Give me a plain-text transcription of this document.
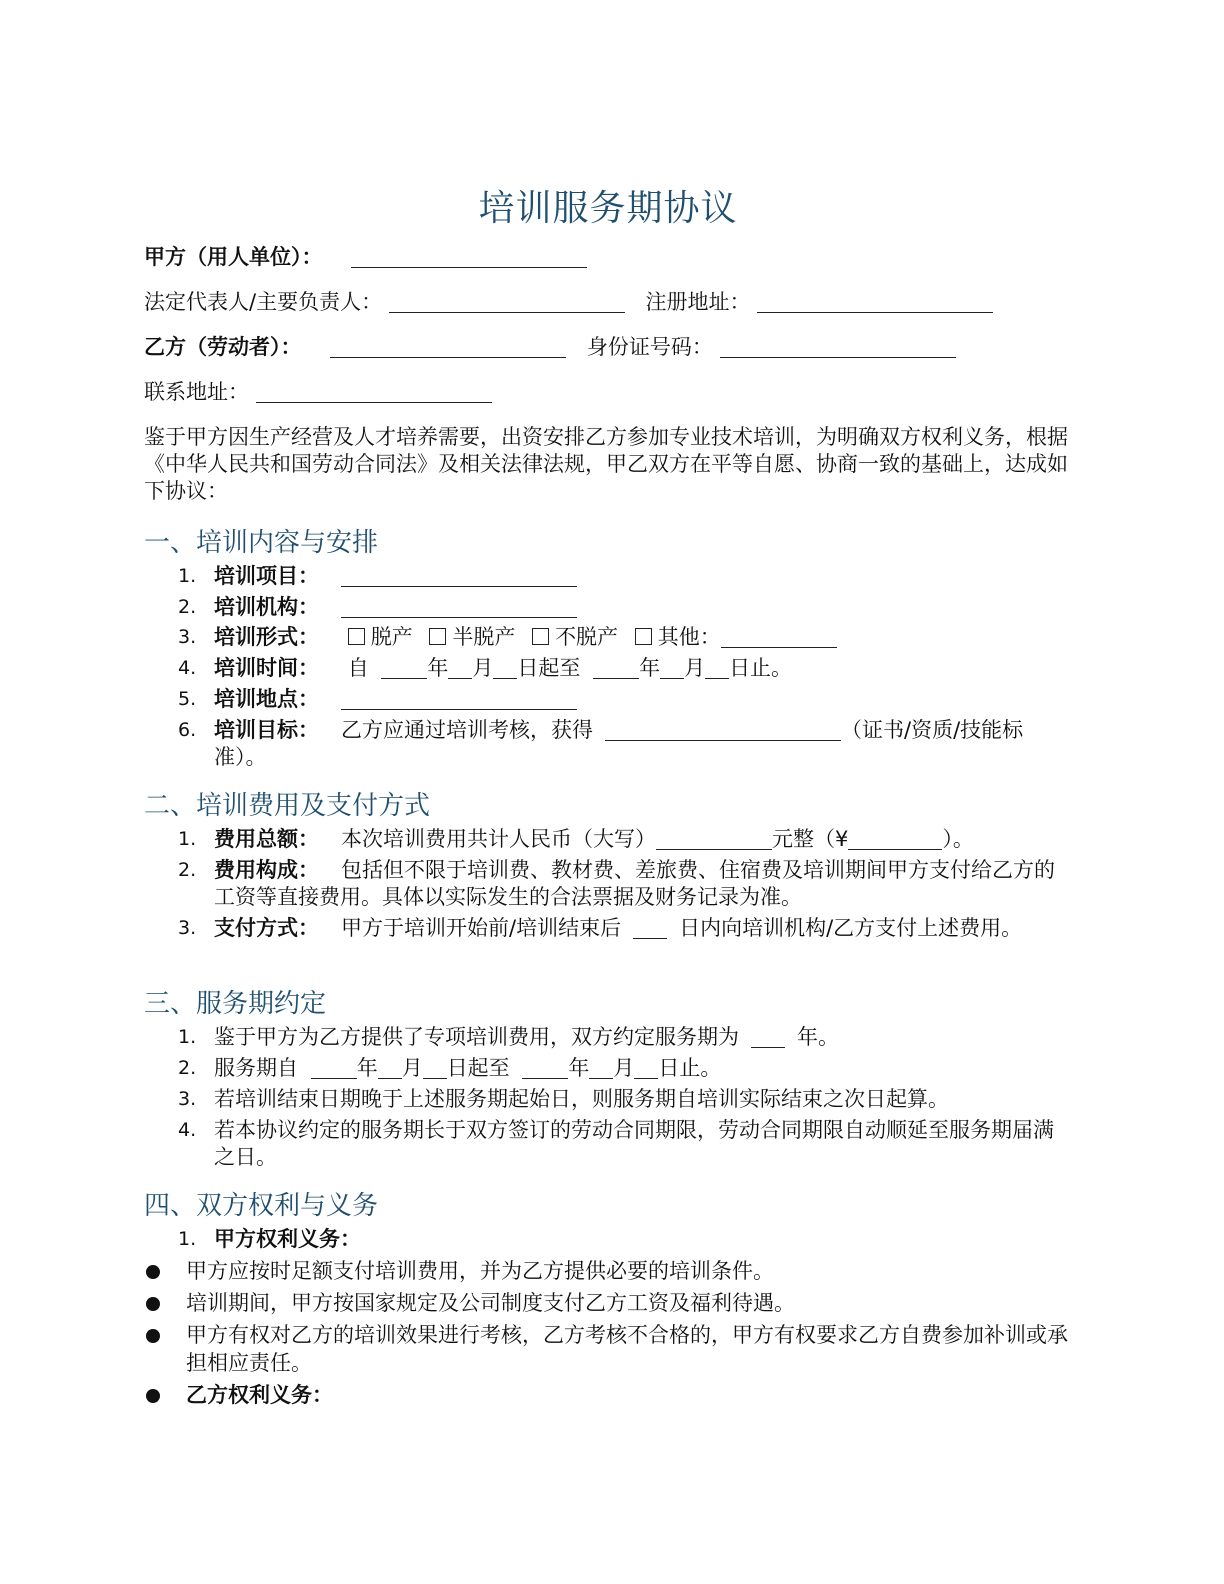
培训服务期协议
甲方（用人单位）：
法定代表人/主要负责人：	注册地址：
乙方（劳动者）：	身份证号码：
联系地址：
鉴于甲方因生产经营及人才培养需要，出资安排乙方参加专业技术培训，为明确双方权利义务，根据《中华人民共和国劳动合同法》及相关法律法规，甲乙双方在平等自愿、协商一致的基础上，达成如下协议：
一、培训内容与安排
1. 培训项目：
2. 培训机构：
3. 培训形式： 脱产 半脱产 不脱产 其他：
4. 培训时间： 自	年 月 日起至	年 月 日止。
5. 培训地点：
6. 培训目标： 乙方应通过培训考核，获得	（证书/资质/技能标准）。
二、培训费用及支付方式
1. 费用总额： 本次培训费用共计人民币（大写）	元整（¥	）。
2. 费用构成： 包括但不限于培训费、教材费、差旅费、住宿费及培训期间甲方支付给乙方的工资等直接费用。具体以实际发生的合法票据及财务记录为准。
3. 支付方式： 甲方于培训开始前/培训结束后	日内向培训机构/乙方支付上述费用。
三、服务期约定
1. 鉴于甲方为乙方提供了专项培训费用，双方约定服务期为	年。
2. 服务期自	年 月 日起至	年 月 日止。
3. 若培训结束日期晚于上述服务期起始日，则服务期自培训实际结束之次日起算。
4. 若本协议约定的服务期长于双方签订的劳动合同期限，劳动合同期限自动顺延至服务期届满之日。
四、双方权利与义务
1. 甲方权利义务：
甲方应按时足额支付培训费用，并为乙方提供必要的培训条件。
培训期间，甲方按国家规定及公司制度支付乙方工资及福利待遇。
甲方有权对乙方的培训效果进行考核，乙方考核不合格的，甲方有权要求乙方自费参加补训或承担相应责任。
乙方权利义务：
